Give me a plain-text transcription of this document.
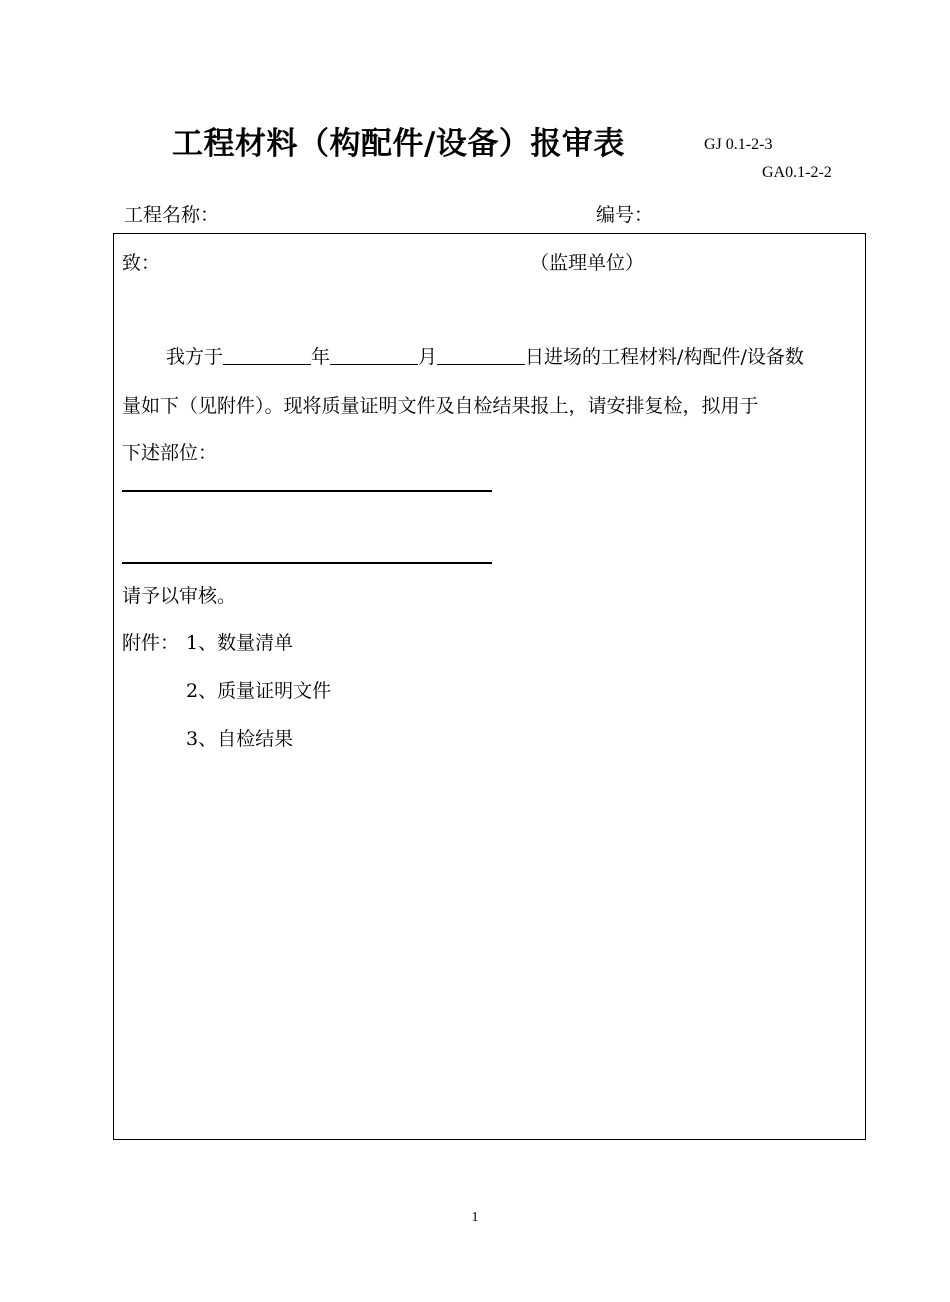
工程材料（构配件/设备）报审表	GJ 0.1-2-3
GA0.1-2-2
工程名称：	编号：
致：	（监理单位）
我方于	年	月	日进场的工程材料/构配件/设备数
量如下（见附件）。现将质量证明文件及自检结果报上，请安排复检，拟用于
下述部位：
请予以审核。
附件： 1、数量清单
2、质量证明文件
3、自检结果
1
